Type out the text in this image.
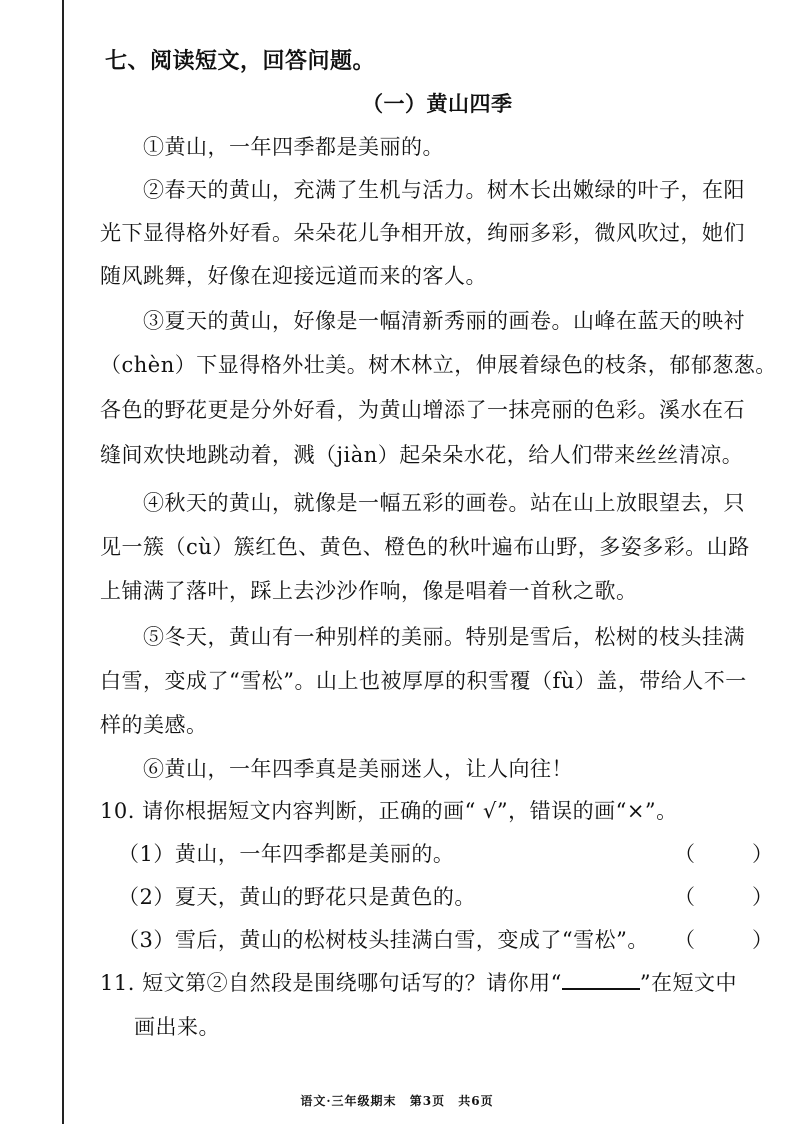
七、阅读短文，回答问题。
（一）黄山四季
①黄山，一年四季都是美丽的。
②春天的黄山，充满了生机与活力。树木长出嫩绿的叶子，在阳
光下显得格外好看。朵朵花儿争相开放，绚丽多彩，微风吹过，她们
随风跳舞，好像在迎接远道而来的客人。
③夏天的黄山，好像是一幅清新秀丽的画卷。山峰在蓝天的映衬
（chèn）下显得格外壮美。树木林立，伸展着绿色的枝条，郁郁葱葱。
各色的野花更是分外好看，为黄山增添了一抹亮丽的色彩。溪水在石
缝间欢快地跳动着，溅（jiàn）起朵朵水花，给人们带来丝丝清凉。
④秋天的黄山，就像是一幅五彩的画卷。站在山上放眼望去，只
见一簇（cù）簇红色、黄色、橙色的秋叶遍布山野，多姿多彩。山路
上铺满了落叶，踩上去沙沙作响，像是唱着一首秋之歌。
⑤冬天，黄山有一种别样的美丽。特别是雪后，松树的枝头挂满
白雪，变成了“雪松”。山上也被厚厚的积雪覆（fù）盖，带给人不一
样的美感。
⑥黄山，一年四季真是美丽迷人，让人向往！
10. 请你根据短文内容判断，正确的画“ √”，错误的画“×”。
（1）黄山，一年四季都是美丽的。	（	）
（2）夏天，黄山的野花只是黄色的。	（	）
（3）雪后，黄山的松树枝头挂满白雪，变成了“雪松”。 （	）
11. 短文第②自然段是围绕哪句话写的？请你用“	”在短文中
画出来。
语文·三年级期末 第3页 共6页
